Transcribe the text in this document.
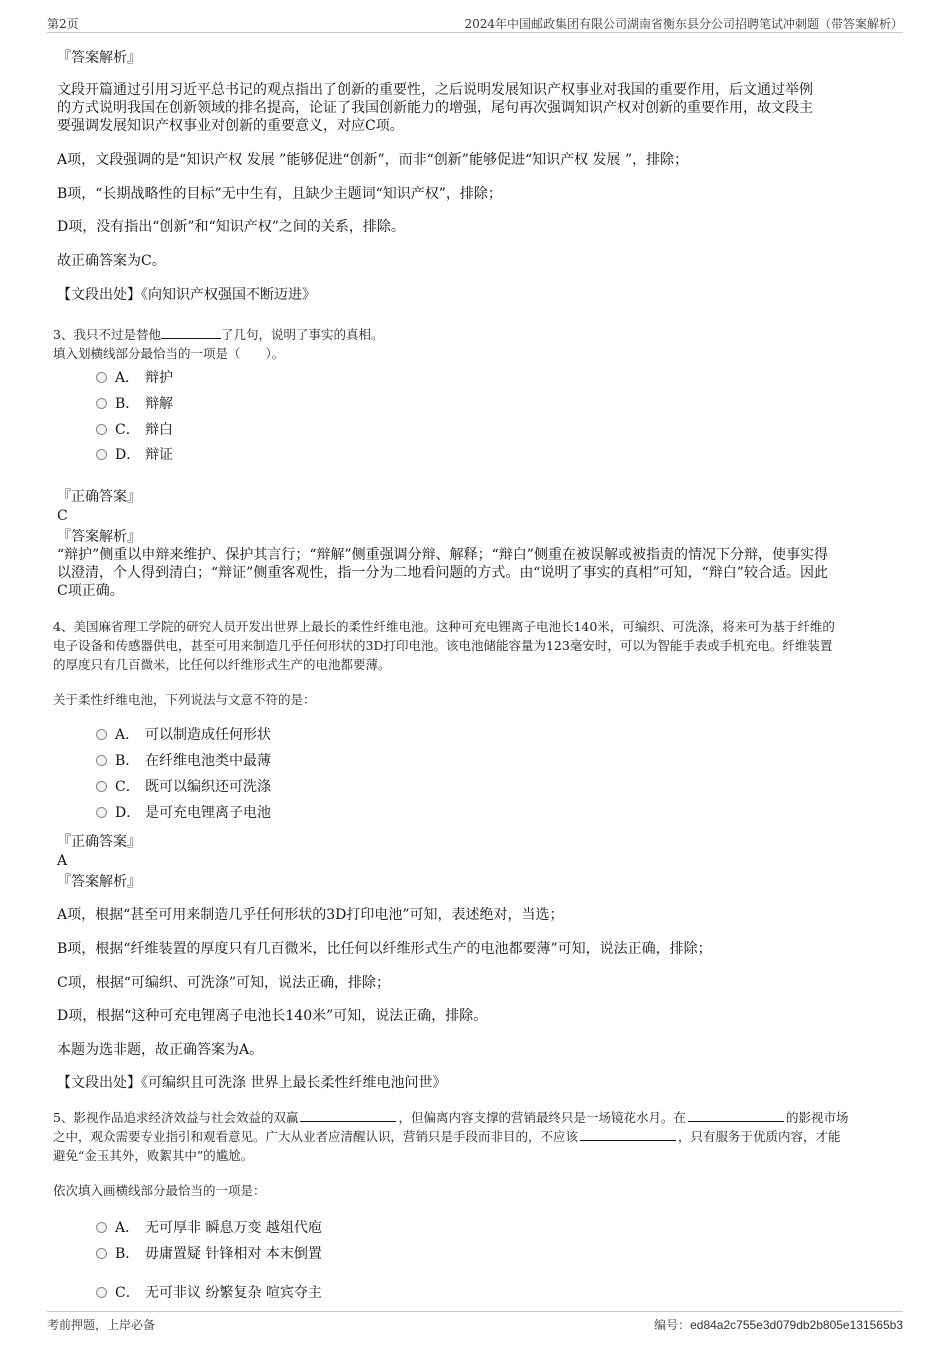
第2页	2024年中国邮政集团有限公司湖南省衡东县分公司招聘笔试冲刺题（带答案解析）
『答案解析』
文段开篇通过引用习近平总书记的观点指出了创新的重要性，之后说明发展知识产权事业对我国的重要作用，后文通过举例
的方式说明我国在创新领域的排名提高，论证了我国创新能力的增强，尾句再次强调知识产权对创新的重要作用，故文段主
要强调发展知识产权事业对创新的重要意义，对应C项。
A项，文段强调的是“知识产权 发展 ”能够促进“创新”，而非“创新”能够促进“知识产权 发展 ”，排除；
B项，“长期战略性的目标”无中生有，且缺少主题词“知识产权”，排除；
D项，没有指出“创新”和“知识产权”之间的关系，排除。
故正确答案为C。
【文段出处】《向知识产权强国不断迈进》
3、我只不过是替他	了几句，说明了事实的真相。
填入划横线部分最恰当的一项是（　　）。
A． 辩护
B． 辩解
C． 辩白
D． 辩证
『正确答案』
C
『答案解析』
“辩护”侧重以申辩来维护、保护其言行；“辩解”侧重强调分辩、解释；“辩白”侧重在被误解或被指责的情况下分辩，使事实得
以澄清，个人得到清白；“辩证”侧重客观性，指一分为二地看问题的方式。由“说明了事实的真相”可知，“辩白”较合适。因此
C项正确。
4、美国麻省理工学院的研究人员开发出世界上最长的柔性纤维电池。这种可充电锂离子电池长140米，可编织、可洗涤，将来可为基于纤维的
电子设备和传感器供电，甚至可用来制造几乎任何形状的3D打印电池。该电池储能容量为123毫安时，可以为智能手表或手机充电。纤维装置
的厚度只有几百微米，比任何以纤维形式生产的电池都要薄。
关于柔性纤维电池，下列说法与文意不符的是：
A． 可以制造成任何形状
B． 在纤维电池类中最薄
C． 既可以编织还可洗涤
D． 是可充电锂离子电池
『正确答案』
A
『答案解析』
A项，根据“甚至可用来制造几乎任何形状的3D打印电池”可知，表述绝对，当选；
B项，根据“纤维装置的厚度只有几百微米，比任何以纤维形式生产的电池都要薄”可知，说法正确，排除；
C项，根据“可编织、可洗涤”可知，说法正确，排除；
D项，根据“这种可充电锂离子电池长140米”可知，说法正确，排除。
本题为选非题，故正确答案为A。
【文段出处】《可编织且可洗涤 世界上最长柔性纤维电池问世》
5、影视作品追求经济效益与社会效益的双赢	，但偏离内容支撑的营销最终只是一场镜花水月。在	的影视市场
之中，观众需要专业指引和观看意见。广大从业者应清醒认识，营销只是手段而非目的，不应该	，只有服务于优质内容，才能
避免“金玉其外，败絮其中”的尴尬。
依次填入画横线部分最恰当的一项是：
A． 无可厚非 瞬息万变 越俎代庖
B． 毋庸置疑 针锋相对 本末倒置
C． 无可非议 纷繁复杂 喧宾夺主
考前押题，上岸必备	编号：ed84a2c755e3d079db2b805e131565b3
